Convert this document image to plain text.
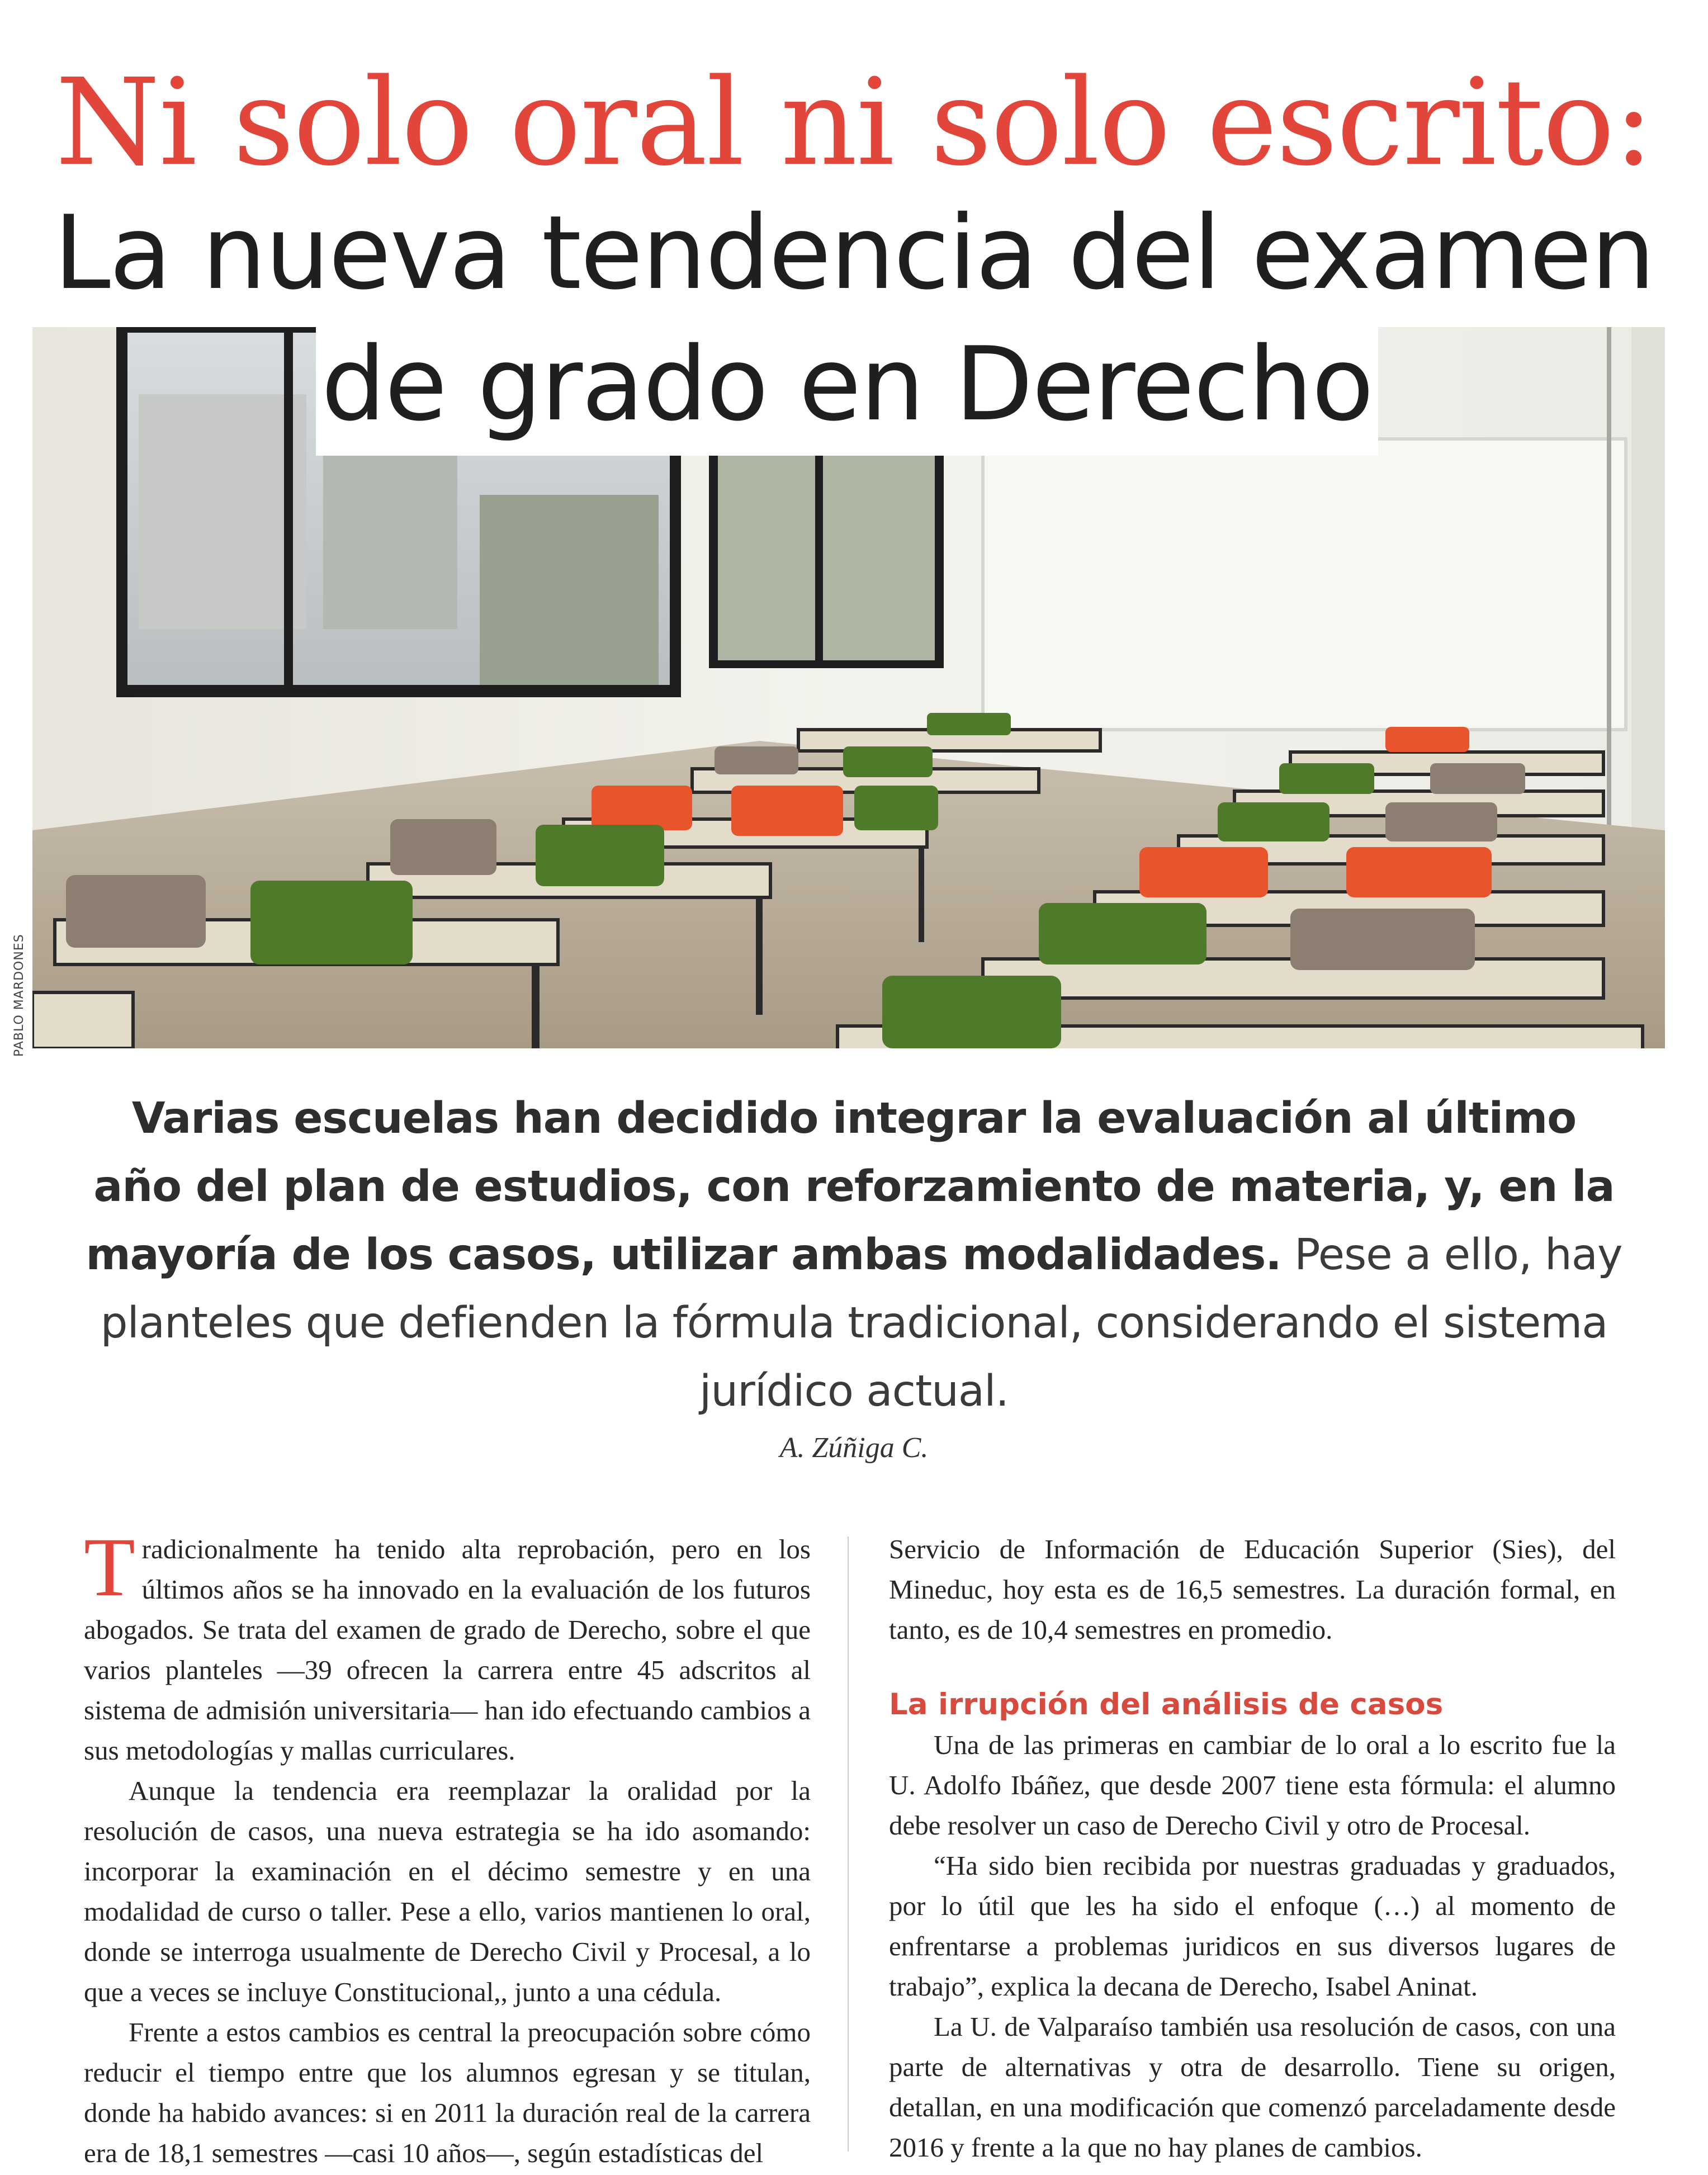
Ni solo oral ni solo escrito:
La nueva tendencia del examen
de grado en Derecho
PABLO MARDONES

Varias escuelas han decidido integrar la evaluación al último año del plan de estudios, con reforzamiento de materia, y, en la mayoría de los casos, utilizar ambas modalidades. Pese a ello, hay planteles que defienden la fórmula tradicional, considerando el sistema jurídico actual.

A. Zúñiga C.

Tradicionalmente ha tenido alta reprobación, pero en los últimos años se ha innovado en la evaluación de los futuros abogados. Se trata del examen de grado de Derecho, sobre el que varios planteles —39 ofrecen la carrera entre 45 adscritos al sistema de admisión universitaria— han ido efectuando cambios a sus metodologías y mallas curriculares.

Aunque la tendencia era reemplazar la oralidad por la resolución de casos, una nueva estrategia se ha ido asomando: incorporar la examinación en el décimo semestre y en una modalidad de curso o taller. Pese a ello, varios mantienen lo oral, donde se interroga usualmente de Derecho Civil y Procesal, a lo que a veces se incluye Constitucional,, junto a una cédula.

Frente a estos cambios es central la preocupación sobre cómo reducir el tiempo entre que los alumnos egresan y se titulan, donde ha habido avances: si en 2011 la duración real de la carrera era de 18,1 semestres —casi 10 años—, según estadísticas del

Servicio de Información de Educación Superior (Sies), del Mineduc, hoy esta es de 16,5 semestres. La duración formal, en tanto, es de 10,4 semestres en promedio.

La irrupción del análisis de casos

Una de las primeras en cambiar de lo oral a lo escrito fue la U. Adolfo Ibáñez, que desde 2007 tiene esta fórmula: el alumno debe resolver un caso de Derecho Civil y otro de Procesal.

“Ha sido bien recibida por nuestras graduadas y graduados, por lo útil que les ha sido el enfoque (…) al momento de enfrentarse a problemas juridicos en sus diversos lugares de trabajo”, explica la decana de Derecho, Isabel Aninat.

La U. de Valparaíso también usa resolución de casos, con una parte de alternativas y otra de desarrollo. Tiene su origen, detallan, en una modificación que comenzó parceladamente desde 2016 y frente a la que no hay planes de cambios.
